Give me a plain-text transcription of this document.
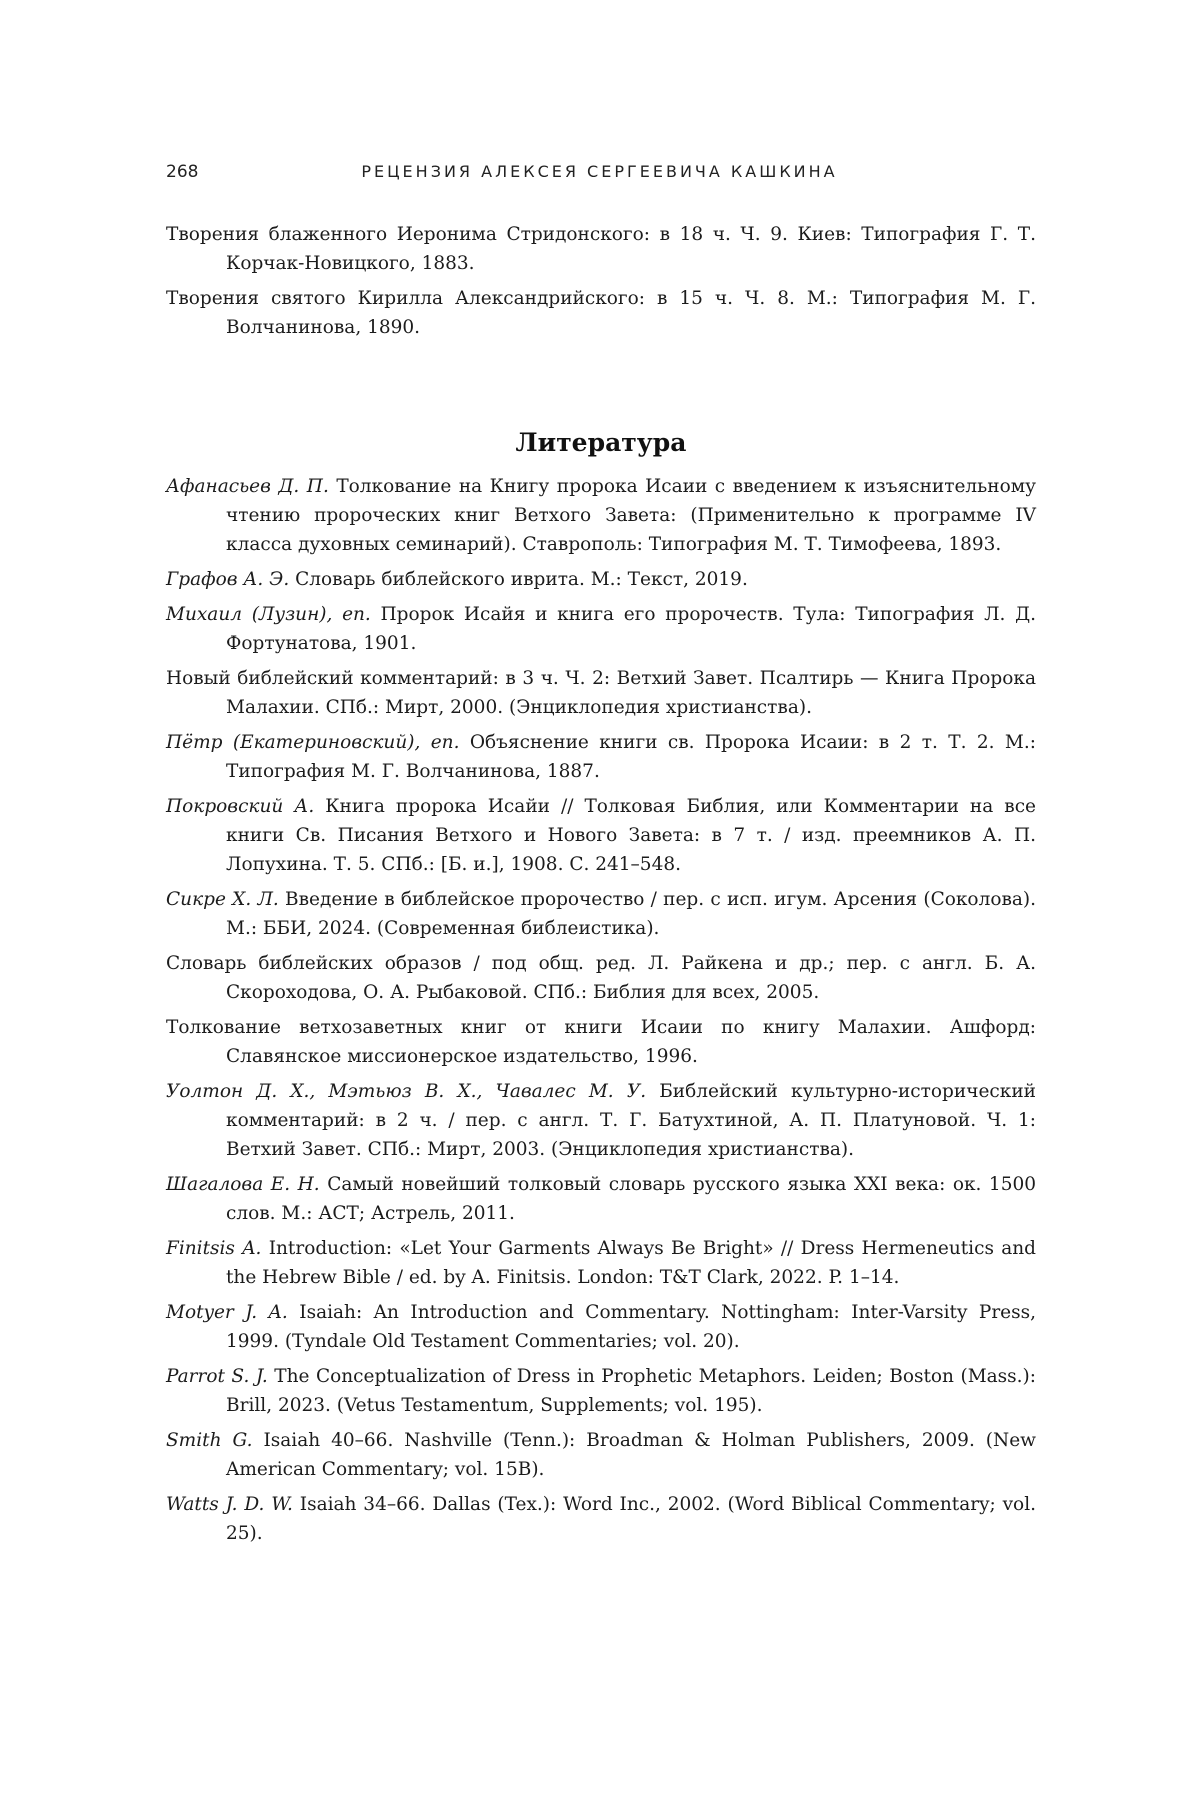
268	РЕЦЕНЗИЯ АЛЕКСЕЯ СЕРГЕЕВИЧА КАШКИНА

Творения блаженного Иеронима Стридонского: в 18 ч. Ч. 9. Киев: Типография Г. Т. Корчак-Новицкого, 1883.

Творения святого Кирилла Александрийского: в 15 ч. Ч. 8. М.: Типография М. Г. Волчанинова, 1890.

Литература

Афанасьев Д. П. Толкование на Книгу пророка Исаии с введением к изъяснительному чтению пророческих книг Ветхого Завета: (Применительно к программе IV класса духовных семинарий). Ставрополь: Типография М. Т. Тимофеева, 1893.

Графов А. Э. Словарь библейского иврита. М.: Текст, 2019.

Михаил (Лузин), еп. Пророк Исайя и книга его пророчеств. Тула: Типография Л. Д. Фортунатова, 1901.

Новый библейский комментарий: в 3 ч. Ч. 2: Ветхий Завет. Псалтирь — Книга Пророка Малахии. СПб.: Мирт, 2000. (Энциклопедия христианства).

Пётр (Екатериновский), еп. Объяснение книги св. Пророка Исаии: в 2 т. Т. 2. М.: Типография М. Г. Волчанинова, 1887.

Покровский А. Книга пророка Исайи // Толковая Библия, или Комментарии на все книги Св. Писания Ветхого и Нового Завета: в 7 т. / изд. преемников А. П. Лопухина. Т. 5. СПб.: [Б. и.], 1908. С. 241–548.

Сикре Х. Л. Введение в библейское пророчество / пер. с исп. игум. Арсения (Соколова). М.: ББИ, 2024. (Современная библеистика).

Словарь библейских образов / под общ. ред. Л. Райкена и др.; пер. с англ. Б. А. Скороходова, О. А. Рыбаковой. СПб.: Библия для всех, 2005.

Толкование ветхозаветных книг от книги Исаии по книгу Малахии. Ашфорд: Славянское миссионерское издательство, 1996.

Уолтон Д. Х., Мэтьюз В. Х., Чавалес М. У. Библейский культурно-исторический комментарий: в 2 ч. / пер. с англ. Т. Г. Батухтиной, А. П. Платуновой. Ч. 1: Ветхий Завет. СПб.: Мирт, 2003. (Энциклопедия христианства).

Шагалова Е. Н. Самый новейший толковый словарь русского языка XXI века: ок. 1500 слов. М.: АСТ; Астрель, 2011.

Finitsis A. Introduction: «Let Your Garments Always Be Bright» // Dress Hermeneutics and the Hebrew Bible / ed. by A. Finitsis. London: T&T Clark, 2022. P. 1–14.

Motyer J. A. Isaiah: An Introduction and Commentary. Nottingham: Inter-Varsity Press, 1999. (Tyndale Old Testament Commentaries; vol. 20).

Parrot S. J. The Conceptualization of Dress in Prophetic Metaphors. Leiden; Boston (Mass.): Brill, 2023. (Vetus Testamentum, Supplements; vol. 195).

Smith G. Isaiah 40–66. Nashville (Tenn.): Broadman & Holman Publishers, 2009. (New American Commentary; vol. 15B).

Watts J. D. W. Isaiah 34–66. Dallas (Tex.): Word Inc., 2002. (Word Biblical Commentary; vol. 25).
